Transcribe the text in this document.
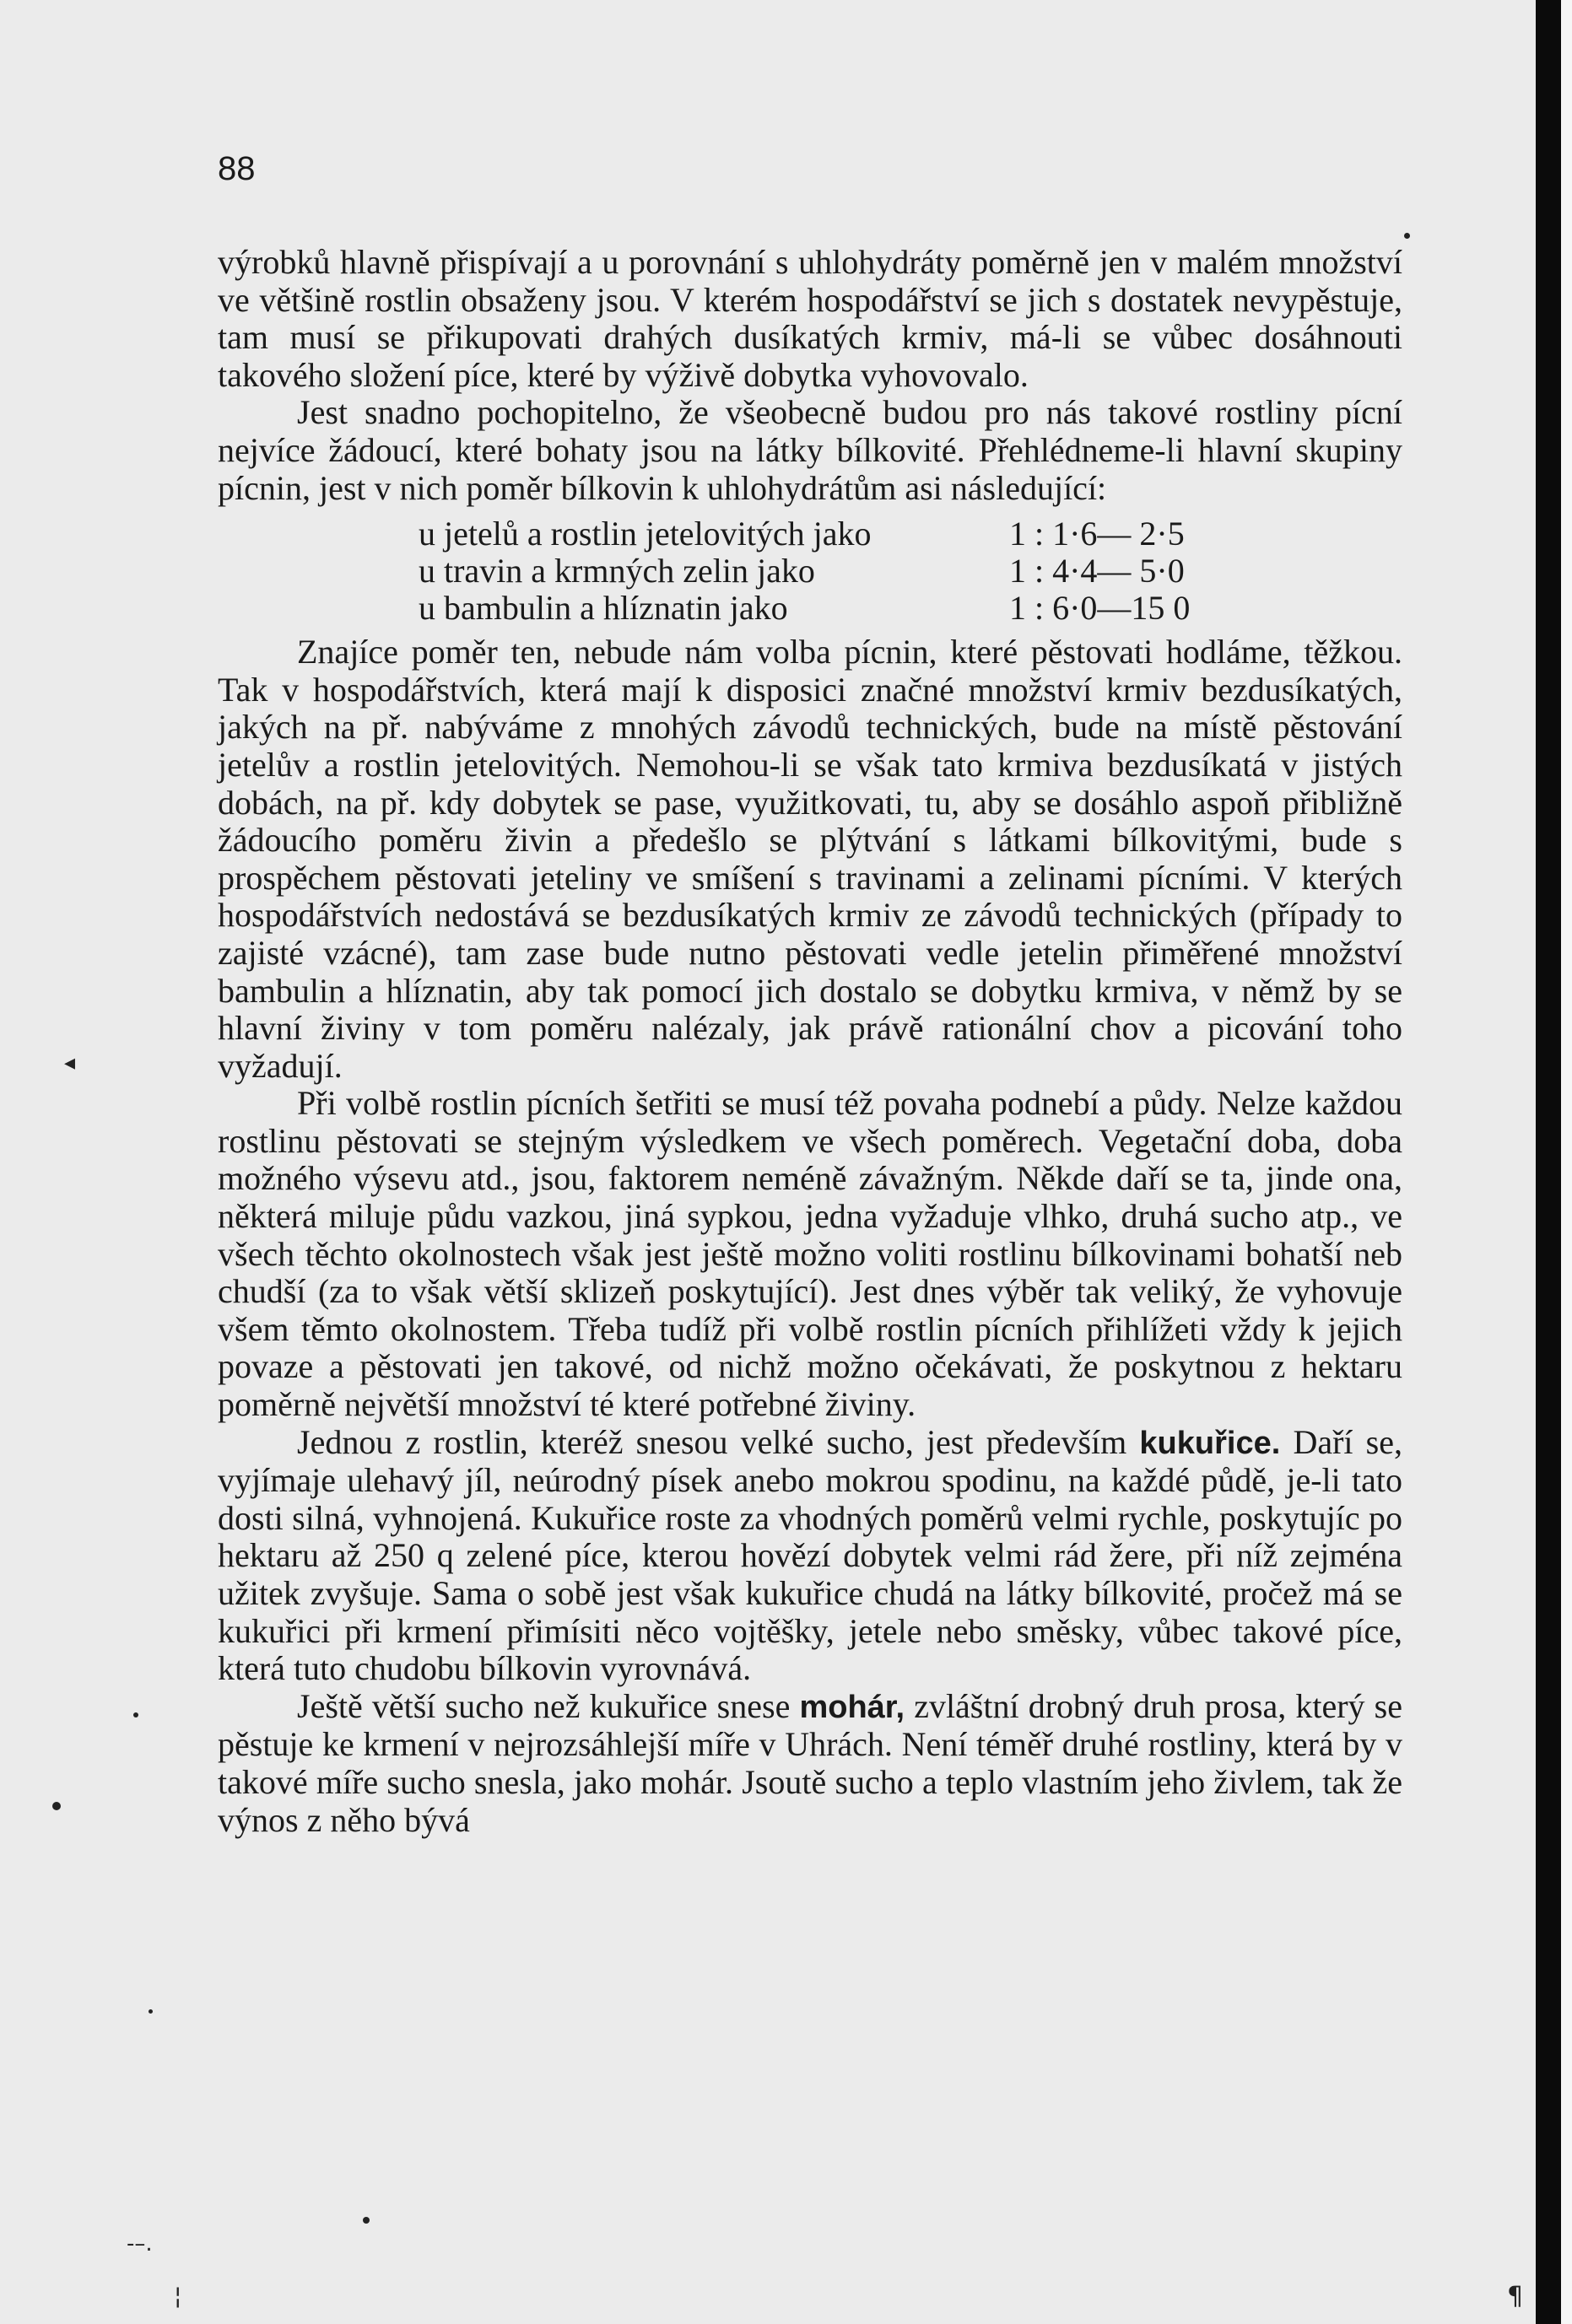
88

výrobků hlavně přispívají a u porovnání s uhlohydráty poměrně jen v malém množství ve většině rostlin obsaženy jsou. V kterém hospodářství se jich s dostatek nevypěstuje, tam musí se přikupovati drahých dusíkatých krmiv, má-li se vůbec dosáhnouti takového složení píce, které by výživě dobytka vyhovovalo.

Jest snadno pochopitelno, že všeobecně budou pro nás takové rostliny pícní nejvíce žádoucí, které bohaty jsou na látky bílkovité. Přehlédneme-li hlavní skupiny pícnin, jest v nich poměr bílkovin k uhlohydrátům asi následující:

u jetelů a rostlin jetelovitých jako	1 : 1·6— 2·5
u travin a krmných zelin jako	1 : 4·4— 5·0
u bambulin a hlíznatin jako	1 : 6·0—15 0

Znajíce poměr ten, nebude nám volba pícnin, které pěstovati hodláme, těžkou. Tak v hospodářstvích, která mají k disposici značné množství krmiv bezdusíkatých, jakých na př. nabýváme z mnohých závodů technických, bude na místě pěstování jetelův a rostlin jetelovitých. Nemohou-li se však tato krmiva bezdusíkatá v jistých dobách, na př. kdy dobytek se pase, využitkovati, tu, aby se dosáhlo aspoň přibližně žádoucího poměru živin a předešlo se plýtvání s látkami bílkovitými, bude s prospěchem pěstovati jeteliny ve smíšení s travinami a zelinami pícními. V kterých hospodářstvích nedostává se bezdusíkatých krmiv ze závodů technických (případy to zajisté vzácné), tam zase bude nutno pěstovati vedle jetelin přiměřené množství bambulin a hlíznatin, aby tak pomocí jich dostalo se dobytku krmiva, v němž by se hlavní živiny v tom poměru nalézaly, jak právě rationální chov a picování toho vyžadují.

Při volbě rostlin pícních šetřiti se musí též povaha podnebí a půdy. Nelze každou rostlinu pěstovati se stejným výsledkem ve všech poměrech. Vegetační doba, doba možného výsevu atd., jsou, faktorem neméně závažným. Někde daří se ta, jinde ona, některá miluje půdu vazkou, jiná sypkou, jedna vyžaduje vlhko, druhá sucho atp., ve všech těchto okolnostech však jest ještě možno voliti rostlinu bílkovinami bohatší neb chudší (za to však větší sklizeň poskytující). Jest dnes výběr tak veliký, že vyhovuje všem těmto okolnostem. Třeba tudíž při volbě rostlin pícních přihlížeti vždy k jejich povaze a pěstovati jen takové, od nichž možno očekávati, že poskytnou z hektaru poměrně největší množství té které potřebné živiny.

Jednou z rostlin, kteréž snesou velké sucho, jest především kukuřice. Daří se, vyjímaje ulehavý jíl, neúrodný písek anebo mokrou spodinu, na každé půdě, je-li tato dosti silná, vyhnojená. Kukuřice roste za vhodných poměrů velmi rychle, poskytujíc po hektaru až 250 q zelené píce, kterou hovězí dobytek velmi rád žere, při níž zejména užitek zvyšuje. Sama o sobě jest však kukuřice chudá na látky bílkovité, pročež má se kukuřici při krmení přimísiti něco vojtěšky, jetele nebo směsky, vůbec takové píce, která tuto chudobu bílkovin vyrovnává.

Ještě větší sucho než kukuřice snese mohár, zvláštní drobný druh prosa, který se pěstuje ke krmení v nejrozsáhlejší míře v Uhrách. Není téměř druhé rostliny, která by v takové míře sucho snesla, jako mohár. Jsoutě sucho a teplo vlastním jeho živlem, tak že výnos z něho bývá

◂
‐–.
¦	¶
